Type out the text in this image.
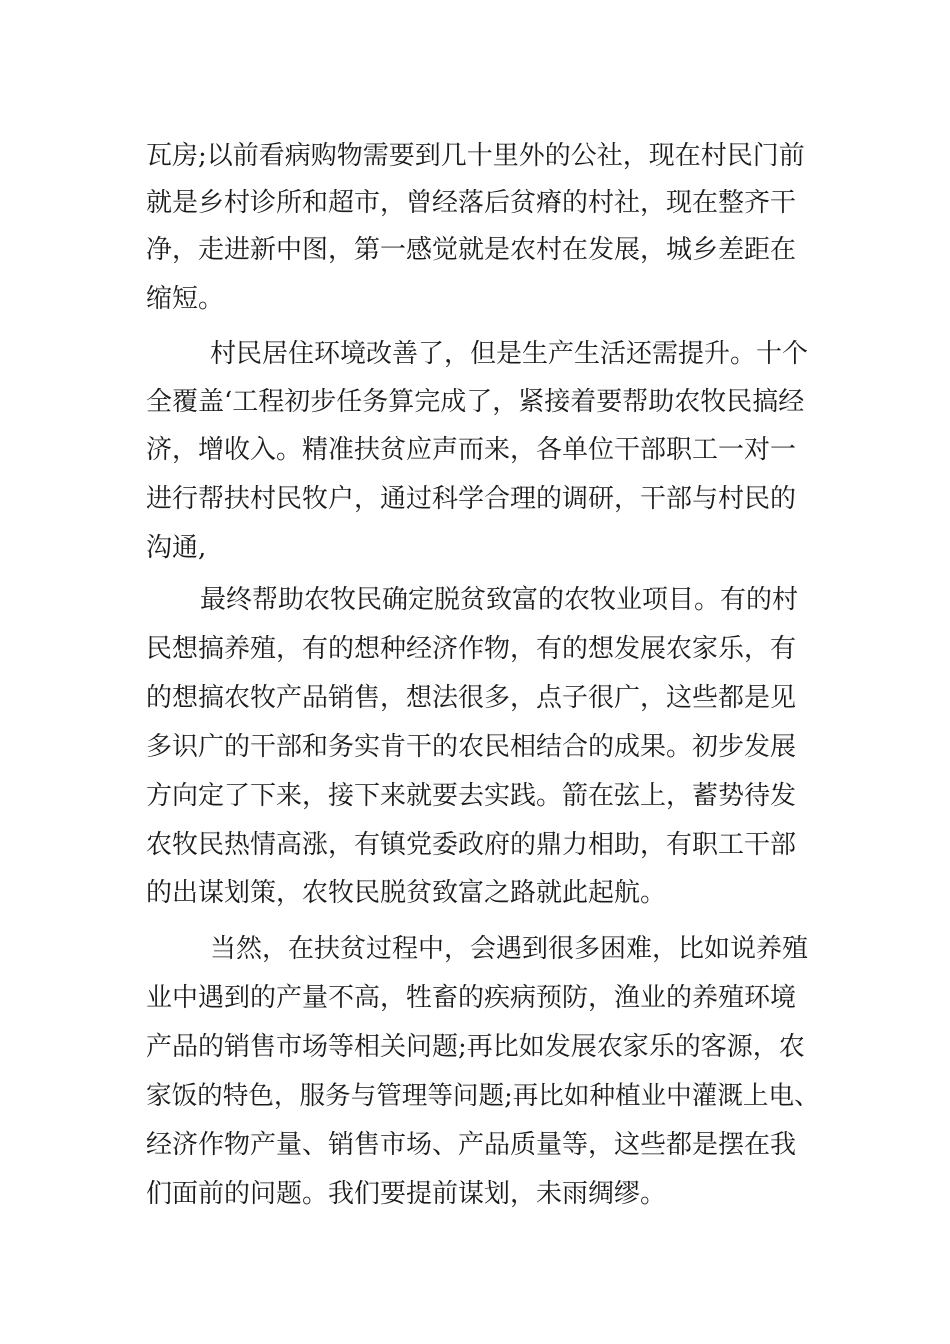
瓦房;以前看病购物需要到几十里外的公社，现在村民门前
就是乡村诊所和超市，曾经落后贫瘠的村社，现在整齐干
净，走进新中图，第一感觉就是农村在发展，城乡差距在
缩短。
村民居住环境改善了，但是生产生活还需提升。十个
全覆盖‘工程初步任务算完成了，紧接着要帮助农牧民搞经
济，增收入。精准扶贫应声而来，各单位干部职工一对一
进行帮扶村民牧户，通过科学合理的调研，干部与村民的
沟通,
最终帮助农牧民确定脱贫致富的农牧业项目。有的村
民想搞养殖，有的想种经济作物，有的想发展农家乐，有
的想搞农牧产品销售，想法很多，点子很广，这些都是见
多识广的干部和务实肯干的农民相结合的成果。初步发展
方向定了下来，接下来就要去实践。箭在弦上，蓄势待发
农牧民热情高涨，有镇党委政府的鼎力相助，有职工干部
的出谋划策，农牧民脱贫致富之路就此起航。
当然，在扶贫过程中，会遇到很多困难，比如说养殖
业中遇到的产量不高，牲畜的疾病预防，渔业的养殖环境
产品的销售市场等相关问题;再比如发展农家乐的客源，农
家饭的特色，服务与管理等问题;再比如种植业中灌溉上电、
经济作物产量、销售市场、产品质量等，这些都是摆在我
们面前的问题。我们要提前谋划，未雨绸缪。
